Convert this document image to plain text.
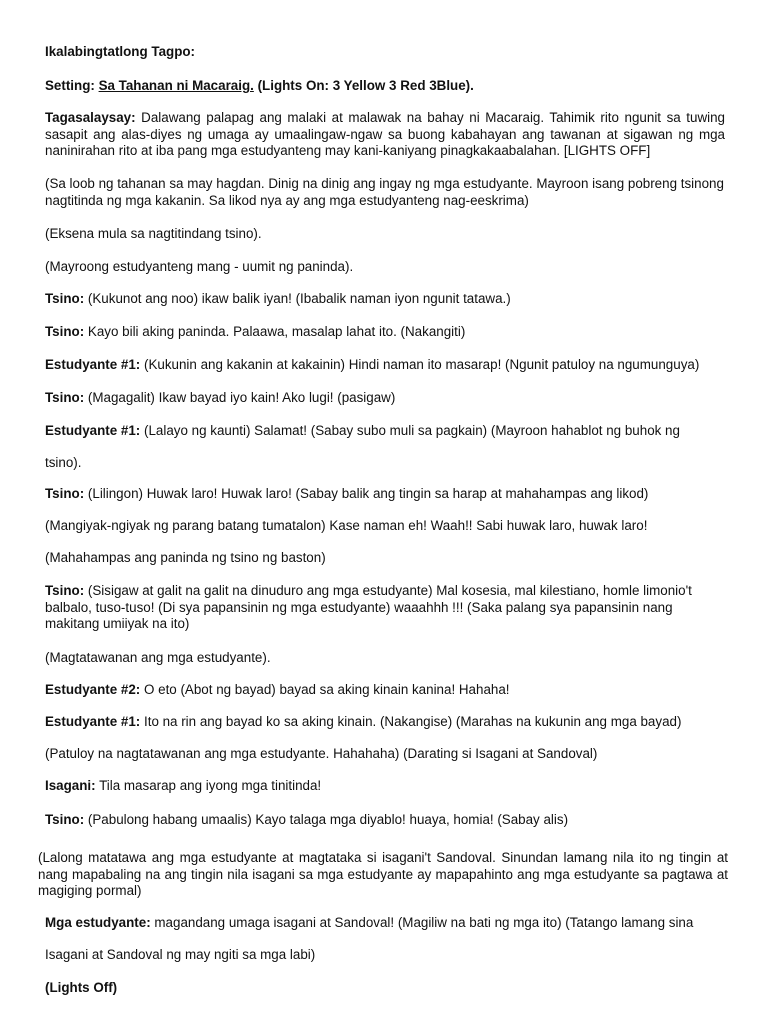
Ikalabingtatlong Tagpo:
Setting: Sa Tahanan ni Macaraig. (Lights On: 3 Yellow 3 Red 3Blue).
Tagasalaysay: Dalawang palapag ang malaki at malawak na bahay ni Macaraig. Tahimik rito ngunit sa tuwing sasapit ang alas-diyes ng umaga ay umaalingaw-ngaw sa buong kabahayan ang tawanan at sigawan ng mga naninirahan rito at iba pang mga estudyanteng may kani-kaniyang pinagkakaabalahan. [LIGHTS OFF]
(Sa loob ng tahanan sa may hagdan. Dinig na dinig ang ingay ng mga estudyante. Mayroon isang pobreng tsinong nagtitinda ng mga kakanin. Sa likod nya ay ang mga estudyanteng nag-eeskrima)
(Eksena mula sa nagtitindang tsino).
(Mayroong estudyanteng mang - uumit ng paninda).
Tsino: (Kukunot ang noo) ikaw balik iyan! (Ibabalik naman iyon ngunit tatawa.)
Tsino: Kayo bili aking paninda. Palaawa, masalap lahat ito. (Nakangiti)
Estudyante #1: (Kukunin ang kakanin at kakainin) Hindi naman ito masarap! (Ngunit patuloy na ngumunguya)
Tsino: (Magagalit) Ikaw bayad iyo kain! Ako lugi! (pasigaw)
Estudyante #1: (Lalayo ng kaunti) Salamat! (Sabay subo muli sa pagkain) (Mayroon hahablot ng buhok ng
tsino).
Tsino: (Lilingon) Huwak laro! Huwak laro! (Sabay balik ang tingin sa harap at mahahampas ang likod)
(Mangiyak-ngiyak ng parang batang tumatalon) Kase naman eh! Waah!! Sabi huwak laro, huwak laro!
(Mahahampas ang paninda ng tsino ng baston)
Tsino: (Sisigaw at galit na galit na dinuduro ang mga estudyante) Mal kosesia, mal kilestiano, homle limonio't balbalo, tuso-tuso! (Di sya papansinin ng mga estudyante) waaahhh !!! (Saka palang sya papansinin nang makitang umiiyak na ito)
(Magtatawanan ang mga estudyante).
Estudyante #2: O eto (Abot ng bayad) bayad sa aking kinain kanina! Hahaha!
Estudyante #1: Ito na rin ang bayad ko sa aking kinain. (Nakangise) (Marahas na kukunin ang mga bayad)
(Patuloy na nagtatawanan ang mga estudyante. Hahahaha) (Darating si Isagani at Sandoval)
Isagani: Tila masarap ang iyong mga tinitinda!
Tsino: (Pabulong habang umaalis) Kayo talaga mga diyablo! huaya, homia! (Sabay alis)
(Lalong matatawa ang mga estudyante at magtataka si isagani't Sandoval. Sinundan lamang nila ito ng tingin at nang mapabaling na ang tingin nila isagani sa mga estudyante ay mapapahinto ang mga estudyante sa pagtawa at magiging pormal)
Mga estudyante: magandang umaga isagani at Sandoval! (Magiliw na bati ng mga ito) (Tatango lamang sina
Isagani at Sandoval ng may ngiti sa mga labi)
(Lights Off)
